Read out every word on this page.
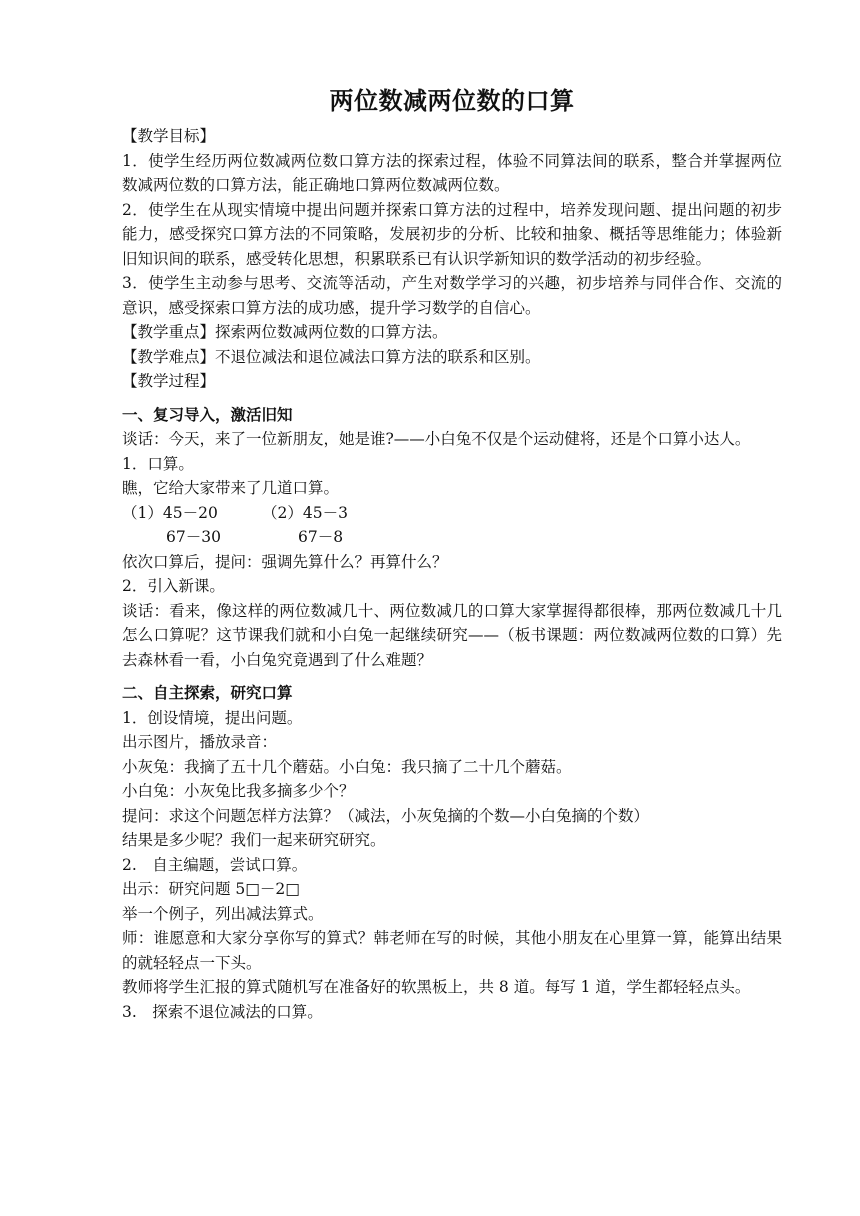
两位数减两位数的口算

【教学目标】

1．使学生经历两位数减两位数口算方法的探索过程，体验不同算法间的联系，整合并掌握两位数减两位数的口算方法，能正确地口算两位数减两位数。

2．使学生在从现实情境中提出问题并探索口算方法的过程中，培养发现问题、提出问题的初步能力，感受探究口算方法的不同策略，发展初步的分析、比较和抽象、概括等思维能力；体验新旧知识间的联系，感受转化思想，积累联系已有认识学新知识的数学活动的初步经验。

3．使学生主动参与思考、交流等活动，产生对数学学习的兴趣，初步培养与同伴合作、交流的意识，感受探索口算方法的成功感，提升学习数学的自信心。

【教学重点】探索两位数减两位数的口算方法。

【教学难点】不退位减法和退位减法口算方法的联系和区别。

【教学过程】

一、复习导入，激活旧知

谈话：今天，来了一位新朋友，她是谁?——小白兔不仅是个运动健将，还是个口算小达人。

1．口算。

瞧，它给大家带来了几道口算。

（1）45－20	（2）45－3
67－30	67－8

依次口算后，提问：强调先算什么？再算什么？

2．引入新课。

谈话：看来，像这样的两位数减几十、两位数减几的口算大家掌握得都很棒，那两位数减几十几怎么口算呢？这节课我们就和小白兔一起继续研究——（板书课题：两位数减两位数的口算）先去森林看一看，小白兔究竟遇到了什么难题？

二、自主探索，研究口算

1．创设情境，提出问题。

出示图片，播放录音：

小灰兔：我摘了五十几个蘑菇。小白兔：我只摘了二十几个蘑菇。

小白兔：小灰兔比我多摘多少个？

提问：求这个问题怎样方法算？（减法，小灰兔摘的个数—小白兔摘的个数）

结果是多少呢？我们一起来研究研究。

2.　自主编题，尝试口算。

出示：研究问题 5□－2□

举一个例子，列出减法算式。

师：谁愿意和大家分享你写的算式？韩老师在写的时候，其他小朋友在心里算一算，能算出结果的就轻轻点一下头。

教师将学生汇报的算式随机写在准备好的软黑板上，共 8 道。每写 1 道，学生都轻轻点头。

3.　探索不退位减法的口算。
